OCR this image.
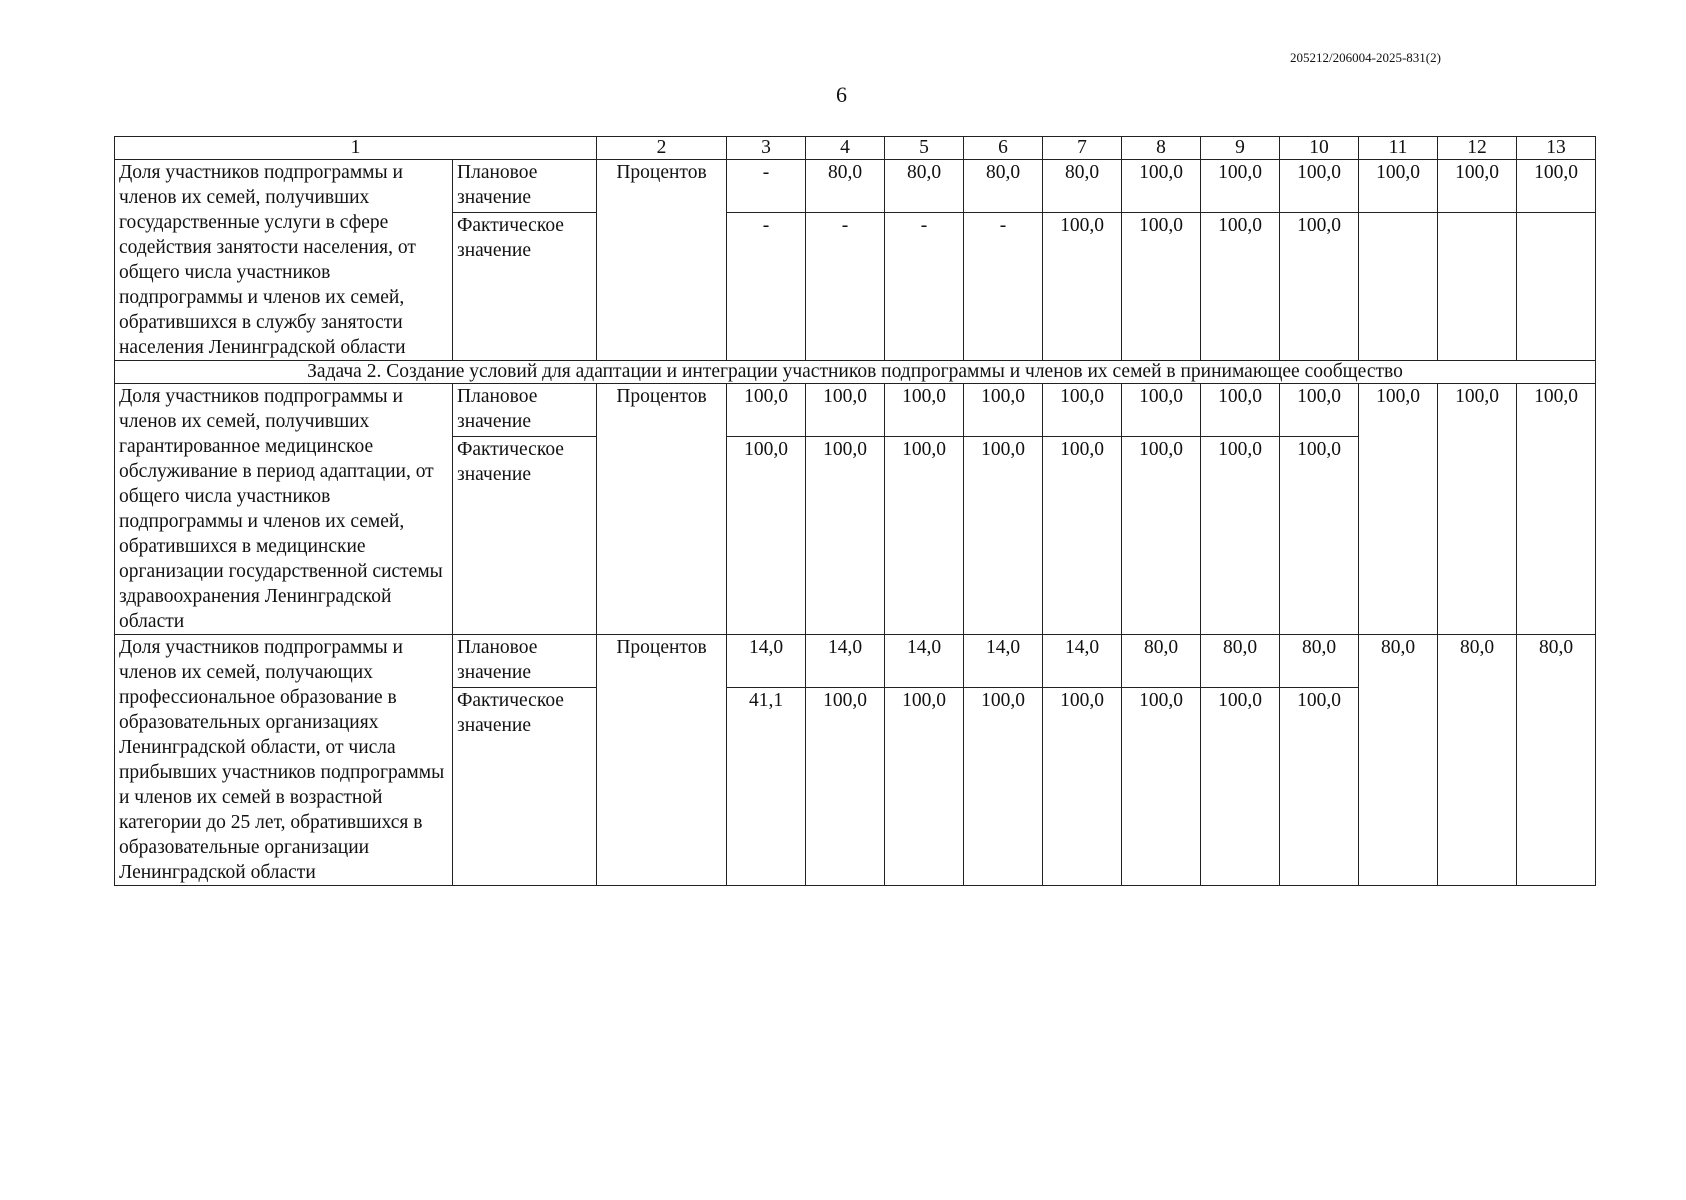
205212/206004-2025-831(2)
6
1		2	3	4	5	6	7	8	9	10	11	12	13
Доля участников подпрограммы и членов их семей, получивших государственные услуги в сфере содействия занятости населения, от общего числа участников подпрограммы и членов их семей, обратившихся в службу занятости населения Ленинградской области	Плановое значение	Процентов	-	80,0	80,0	80,0	80,0	100,0	100,0	100,0	100,0	100,0	100,0
	Фактическое значение		-	-	-	-	100,0	100,0	100,0	100,0			
Задача 2. Создание условий для адаптации и интеграции участников подпрограммы и членов их семей в принимающее сообщество													
Доля участников подпрограммы и членов их семей, получивших гарантированное медицинское обслуживание в период адаптации, от общего числа участников подпрограммы и членов их семей, обратившихся в медицинские организации государственной системы здравоохранения Ленинградской области	Плановое значение	Процентов	100,0	100,0	100,0	100,0	100,0	100,0	100,0	100,0	100,0	100,0	100,0
	Фактическое значение		100,0	100,0	100,0	100,0	100,0	100,0	100,0	100,0			
Доля участников подпрограммы и членов их семей, получающих профессиональное образование в образовательных организациях Ленинградской области, от числа прибывших участников подпрограммы и членов их семей в возрастной категории до 25 лет, обратившихся в образовательные организации Ленинградской области	Плановое значение	Процентов	14,0	14,0	14,0	14,0	14,0	80,0	80,0	80,0	80,0	80,0	80,0
	Фактическое значение		41,1	100,0	100,0	100,0	100,0	100,0	100,0	100,0			
